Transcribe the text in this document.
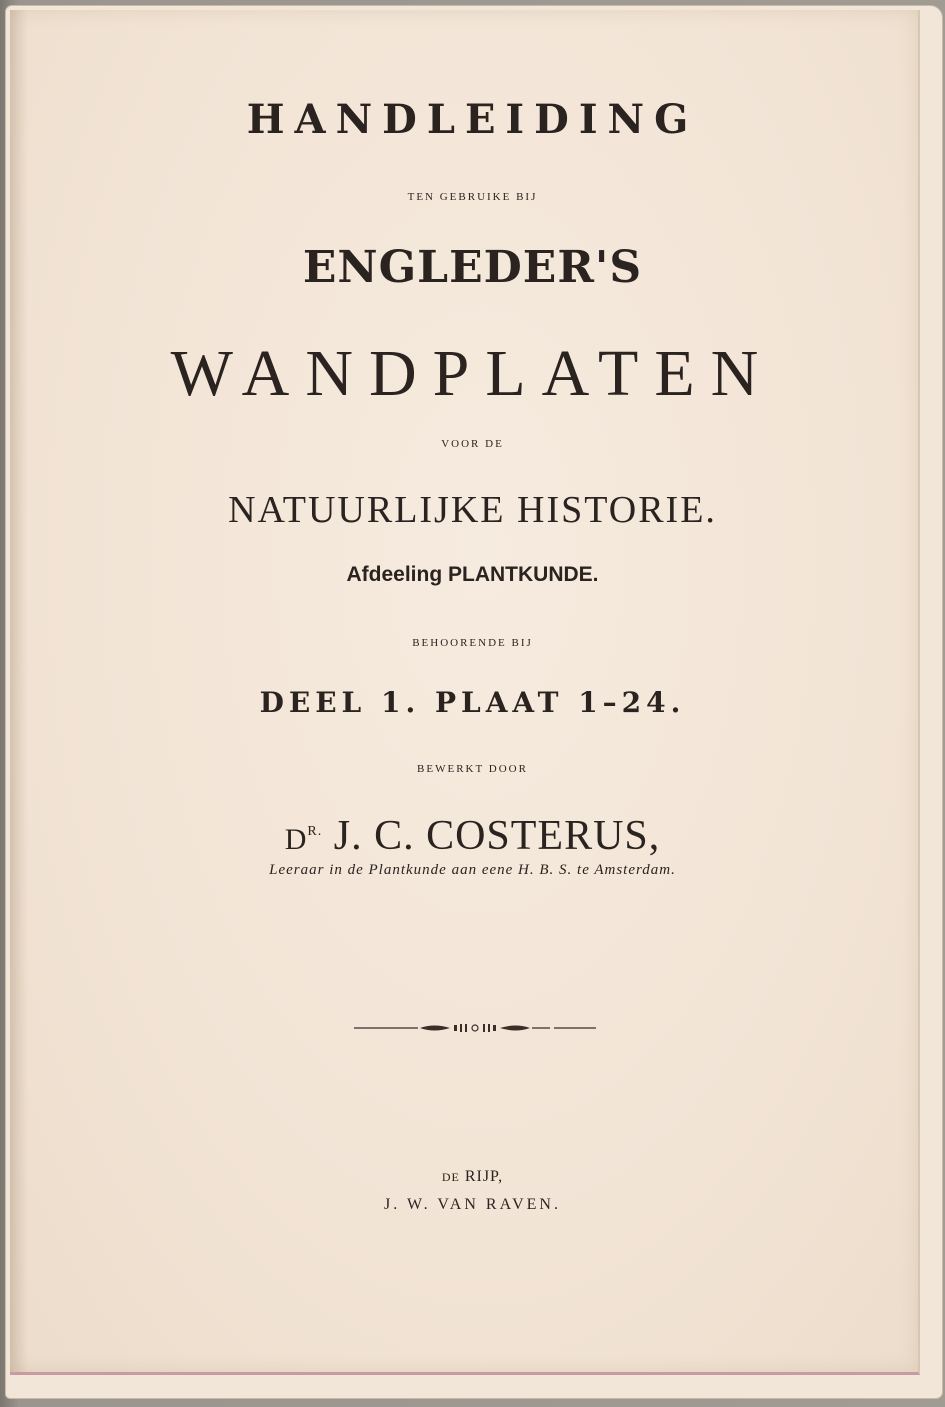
HANDLEIDING
TEN GEBRUIKE BIJ
ENGLEDER'S
WANDPLATEN
VOOR DE
NATUURLIJKE HISTORIE.
Afdeeling PLANTKUNDE.
BEHOORENDE BIJ
DEEL 1. PLAAT 1–24.
BEWERKT DOOR
$D^{R.}$ J. C. COSTERUS,
Leeraar in de Plantkunde aan eene H. B. S. te Amsterdam.
DE RIJP,
J. W. VAN RAVEN.
